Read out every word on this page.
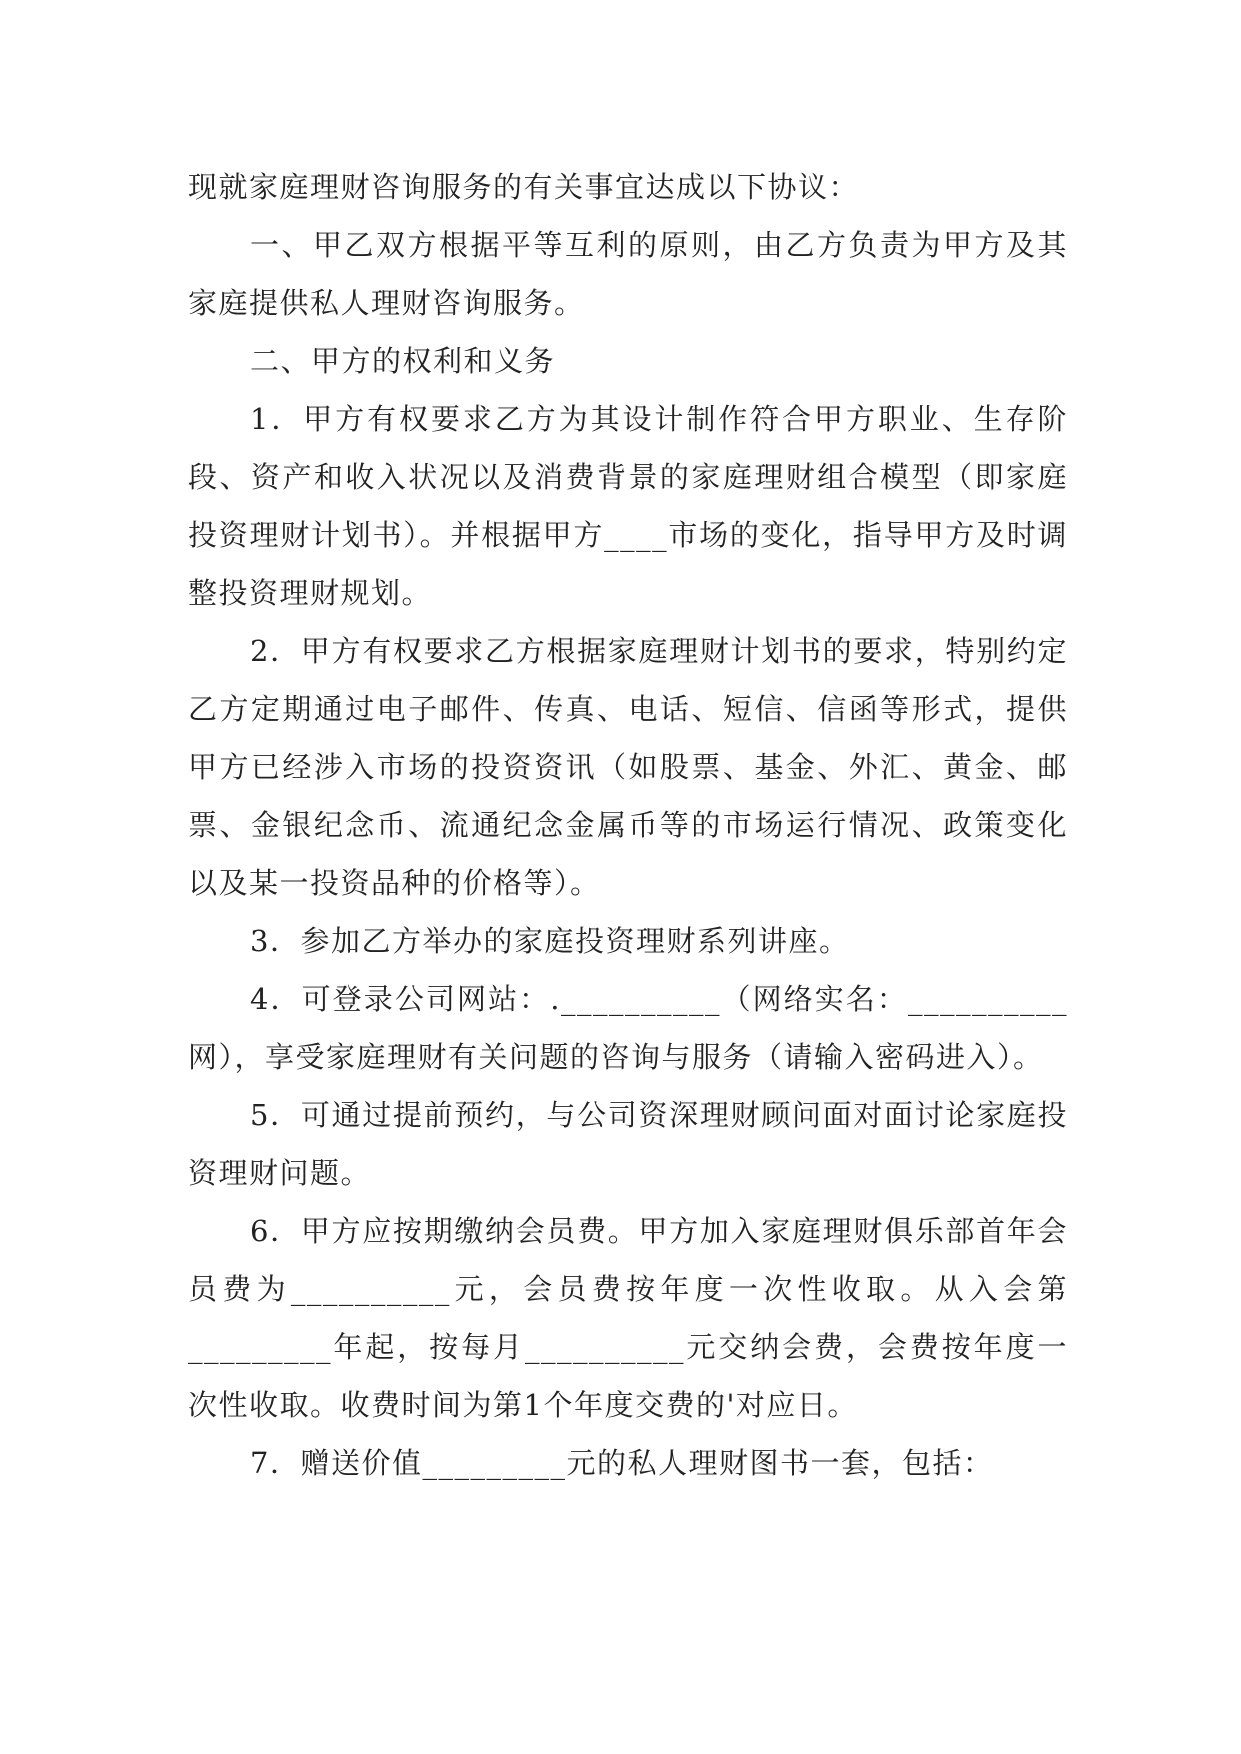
现就家庭理财咨询服务的有关事宜达成以下协议：

一、甲乙双方根据平等互利的原则，由乙方负责为甲方及其家庭提供私人理财咨询服务。

二、甲方的权利和义务

1．甲方有权要求乙方为其设计制作符合甲方职业、生存阶段、资产和收入状况以及消费背景的家庭理财组合模型（即家庭投资理财计划书）。并根据甲方____市场的变化，指导甲方及时调整投资理财规划。

2．甲方有权要求乙方根据家庭理财计划书的要求，特别约定乙方定期通过电子邮件、传真、电话、短信、信函等形式，提供甲方已经涉入市场的投资资讯（如股票、基金、外汇、黄金、邮票、金银纪念币、流通纪念金属币等的市场运行情况、政策变化以及某一投资品种的价格等）。

3．参加乙方举办的家庭投资理财系列讲座。

4．可登录公司网站：.__________（网络实名：__________网），享受家庭理财有关问题的咨询与服务（请输入密码进入）。

5．可通过提前预约，与公司资深理财顾问面对面讨论家庭投资理财问题。

6．甲方应按期缴纳会员费。甲方加入家庭理财俱乐部首年会员费为__________元，会员费按年度一次性收取。从入会第_________年起，按每月__________元交纳会费，会费按年度一次性收取。收费时间为第1个年度交费的'对应日。

7．赠送价值_________元的私人理财图书一套，包括：
